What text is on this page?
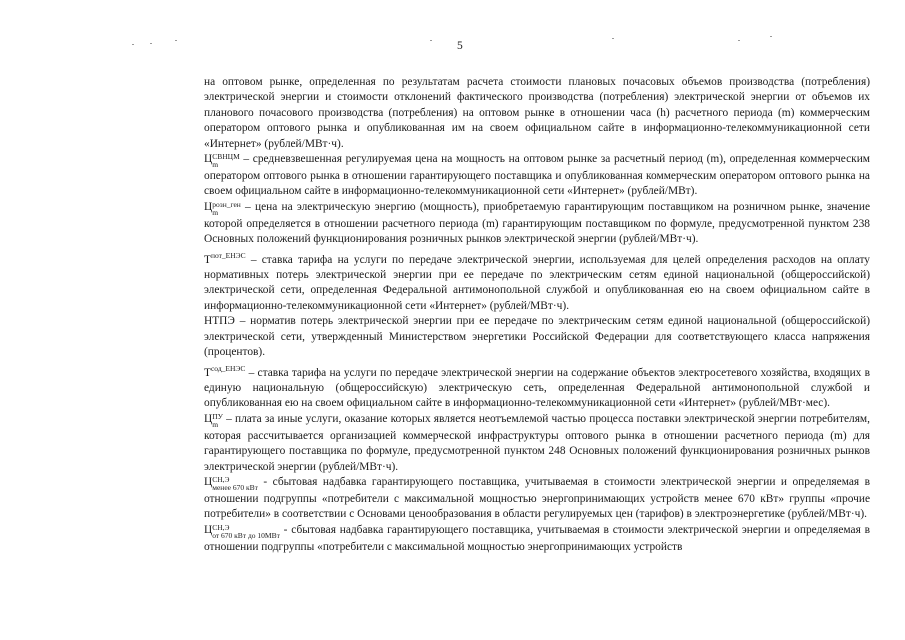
5

на оптовом рынке, определенная по результатам расчета стоимости плановых почасовых объемов производства (потребления) электрической энергии и стоимости отклонений фактического производства (потребления) электрической энергии от объемов их планового почасового производства (потребления) на оптовом рынке в отношении часа (h) расчетного периода (m) коммерческим оператором оптового рынка и опубликованная им на своем официальном сайте в информационно-телекоммуникационной сети «Интернет» (рублей/МВт·ч).

Ц СВНЦМ
m	– средневзвешенная регулируемая цена на мощность на оптовом рынке за расчетный период (m), определенная коммерческим оператором оптового рынка в отношении гарантирующего поставщика и опубликованная коммерческим оператором оптового рынка на своем официальном сайте в информационно-телекоммуникационной сети «Интернет» (рублей/МВт).

Ц розн_ген
m	– цена на электрическую энергию (мощность), приобретаемую гарантирующим поставщиком на розничном рынке, значение которой определяется в отношении расчетного периода (m) гарантирующим поставщиком по формуле, предусмотренной пунктом 238 Основных положений функционирования розничных рынков электрической энергии (рублей/МВт·ч).

$Т^{пот\_ЕНЭС}$ – ставка тарифа на услуги по передаче электрической энергии, используемая для целей определения расходов на оплату нормативных потерь электрической энергии при ее передаче по электрическим сетям единой национальной (общероссийской) электрической сети, определенная Федеральной антимонопольной службой и опубликованная ею на своем официальном сайте в информационно-телекоммуникационной сети «Интернет» (рублей/МВт·ч).

НТПЭ – норматив потерь электрической энергии при ее передаче по электрическим сетям единой национальной (общероссийской) электрической сети, утвержденный Министерством энергетики Российской Федерации для соответствующего класса напряжения (процентов).

$Т^{сод\_ЕНЭС}$ – ставка тарифа на услуги по передаче электрической энергии на содержание объектов электросетевого хозяйства, входящих в единую национальную (общероссийскую) электрическую сеть, определенная Федеральной антимонопольной службой и опубликованная ею на своем официальном сайте в информационно-телекоммуникационной сети «Интернет» (рублей/МВт·мес).

Ц ПУ
m – плата за иные услуги, оказание которых является неотъемлемой частью процесса поставки электрической энергии потребителям, которая рассчитывается организацией коммерческой инфраструктуры оптового рынка в отношении расчетного периода (m) для гарантирующего поставщика по формуле, предусмотренной пунктом 248 Основных положений функционирования розничных рынков электрической энергии (рублей/МВт·ч).

Ц СН,Э
менее 670 кВт - сбытовая надбавка гарантирующего поставщика, учитываемая в стоимости электрической энергии и определяемая в отношении подгруппы «потребители с максимальной мощностью энергопринимающих устройств менее 670 кВт» группы «прочие потребители» в соответствии с Основами ценообразования в области регулируемых цен (тарифов) в электроэнергетике (рублей/МВт·ч).

Ц СН,Э
от 670 кВт до 10МВт - сбытовая надбавка гарантирующего поставщика, учитываемая в стоимости электрической энергии и определяемая в отношении подгруппы «потребители с максимальной мощностью энергопринимающих устройств
